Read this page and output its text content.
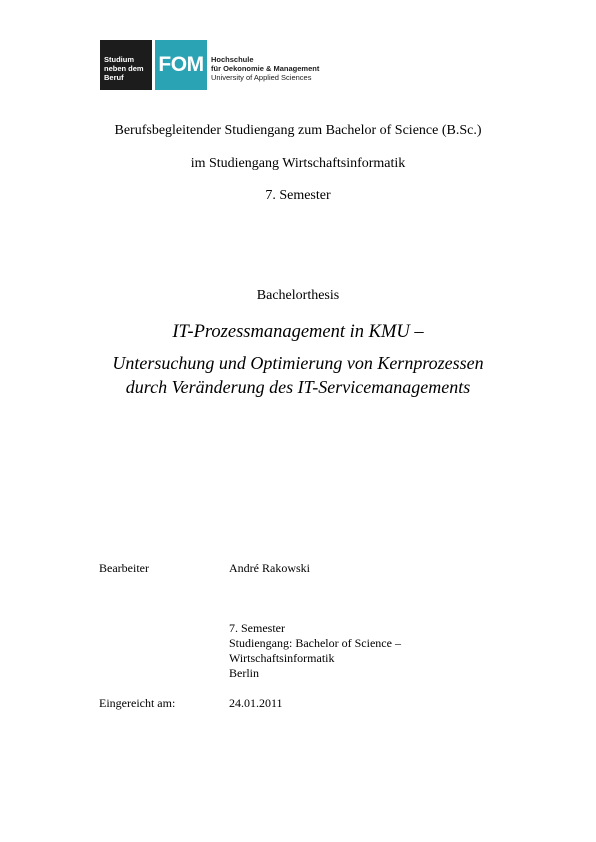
Studium
neben dem
Beruf
FOM Hochschule
für Oekonomie & Management
University of Applied Sciences
Berufsbegleitender Studiengang zum Bachelor of Science (B.Sc.)
im Studiengang Wirtschaftsinformatik
7. Semester
Bachelorthesis
IT-Prozessmanagement in KMU –
Untersuchung und Optimierung von Kernprozessen
durch Veränderung des IT-Servicemanagements
Bearbeiter	André Rakowski
7. Semester
Studiengang: Bachelor of Science –
Wirtschaftsinformatik
Berlin
Eingereicht am:	24.01.2011
